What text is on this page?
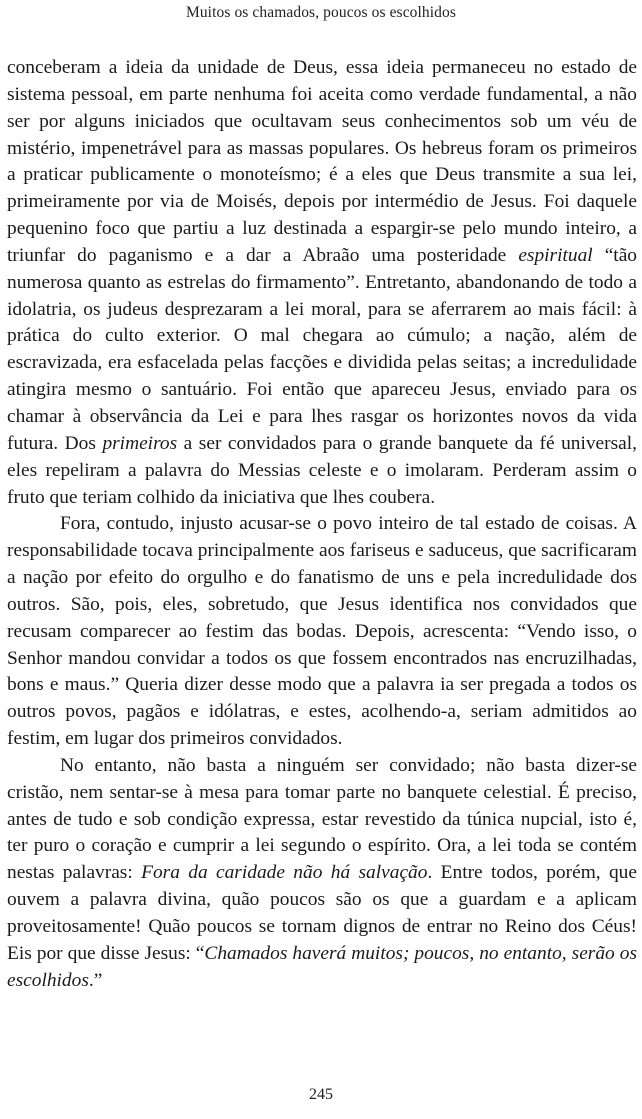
Muitos os chamados, poucos os escolhidos

conceberam a ideia da unidade de Deus, essa ideia permaneceu no estado de sistema pessoal, em parte nenhuma foi aceita como verdade fundamental, a não ser por alguns iniciados que ocultavam seus conhecimentos sob um véu de mistério, impenetrável para as massas populares. Os hebreus foram os primeiros a praticar publicamente o monoteísmo; é a eles que Deus transmite a sua lei, primeiramente por via de Moisés, depois por intermédio de Jesus. Foi daquele pequenino foco que partiu a luz destinada a espargir-se pelo mundo inteiro, a triunfar do paganismo e a dar a Abraão uma posteridade espiritual “tão numerosa quanto as estrelas do firmamento”. Entretanto, abandonando de todo a idolatria, os judeus desprezaram a lei moral, para se aferrarem ao mais fácil: à prática do culto exterior. O mal chegara ao cúmulo; a nação, além de escravizada, era esfacelada pelas facções e dividida pelas seitas; a incredulidade atingira mesmo o santuário. Foi então que apareceu Jesus, enviado para os chamar à observância da Lei e para lhes rasgar os horizontes novos da vida futura. Dos primeiros a ser convidados para o grande banquete da fé universal, eles repeliram a palavra do Messias celeste e o imolaram. Perderam assim o fruto que teriam colhido da iniciativa que lhes coubera.

Fora, contudo, injusto acusar-se o povo inteiro de tal estado de coisas. A responsabilidade tocava principalmente aos fariseus e saduceus, que sacrificaram a nação por efeito do orgulho e do fanatismo de uns e pela incredulidade dos outros. São, pois, eles, sobretudo, que Jesus identifica nos convidados que recusam comparecer ao festim das bodas. Depois, acrescenta: “Vendo isso, o Senhor mandou convidar a todos os que fossem encontrados nas encruzilhadas, bons e maus.” Queria dizer desse modo que a palavra ia ser pregada a todos os outros povos, pagãos e idólatras, e estes, acolhendo-a, seriam admitidos ao festim, em lugar dos primeiros convidados.

No entanto, não basta a ninguém ser convidado; não basta dizer-se cristão, nem sentar-se à mesa para tomar parte no banquete celestial. É preciso, antes de tudo e sob condição expressa, estar revestido da túnica nupcial, isto é, ter puro o coração e cumprir a lei segundo o espírito. Ora, a lei toda se contém nestas palavras: Fora da caridade não há salvação. Entre todos, porém, que ouvem a palavra divina, quão poucos são os que a guardam e a aplicam proveitosamente! Quão poucos se tornam dignos de entrar no Reino dos Céus! Eis por que disse Jesus: “Chamados haverá muitos; poucos, no entanto, serão os escolhidos.”

245
